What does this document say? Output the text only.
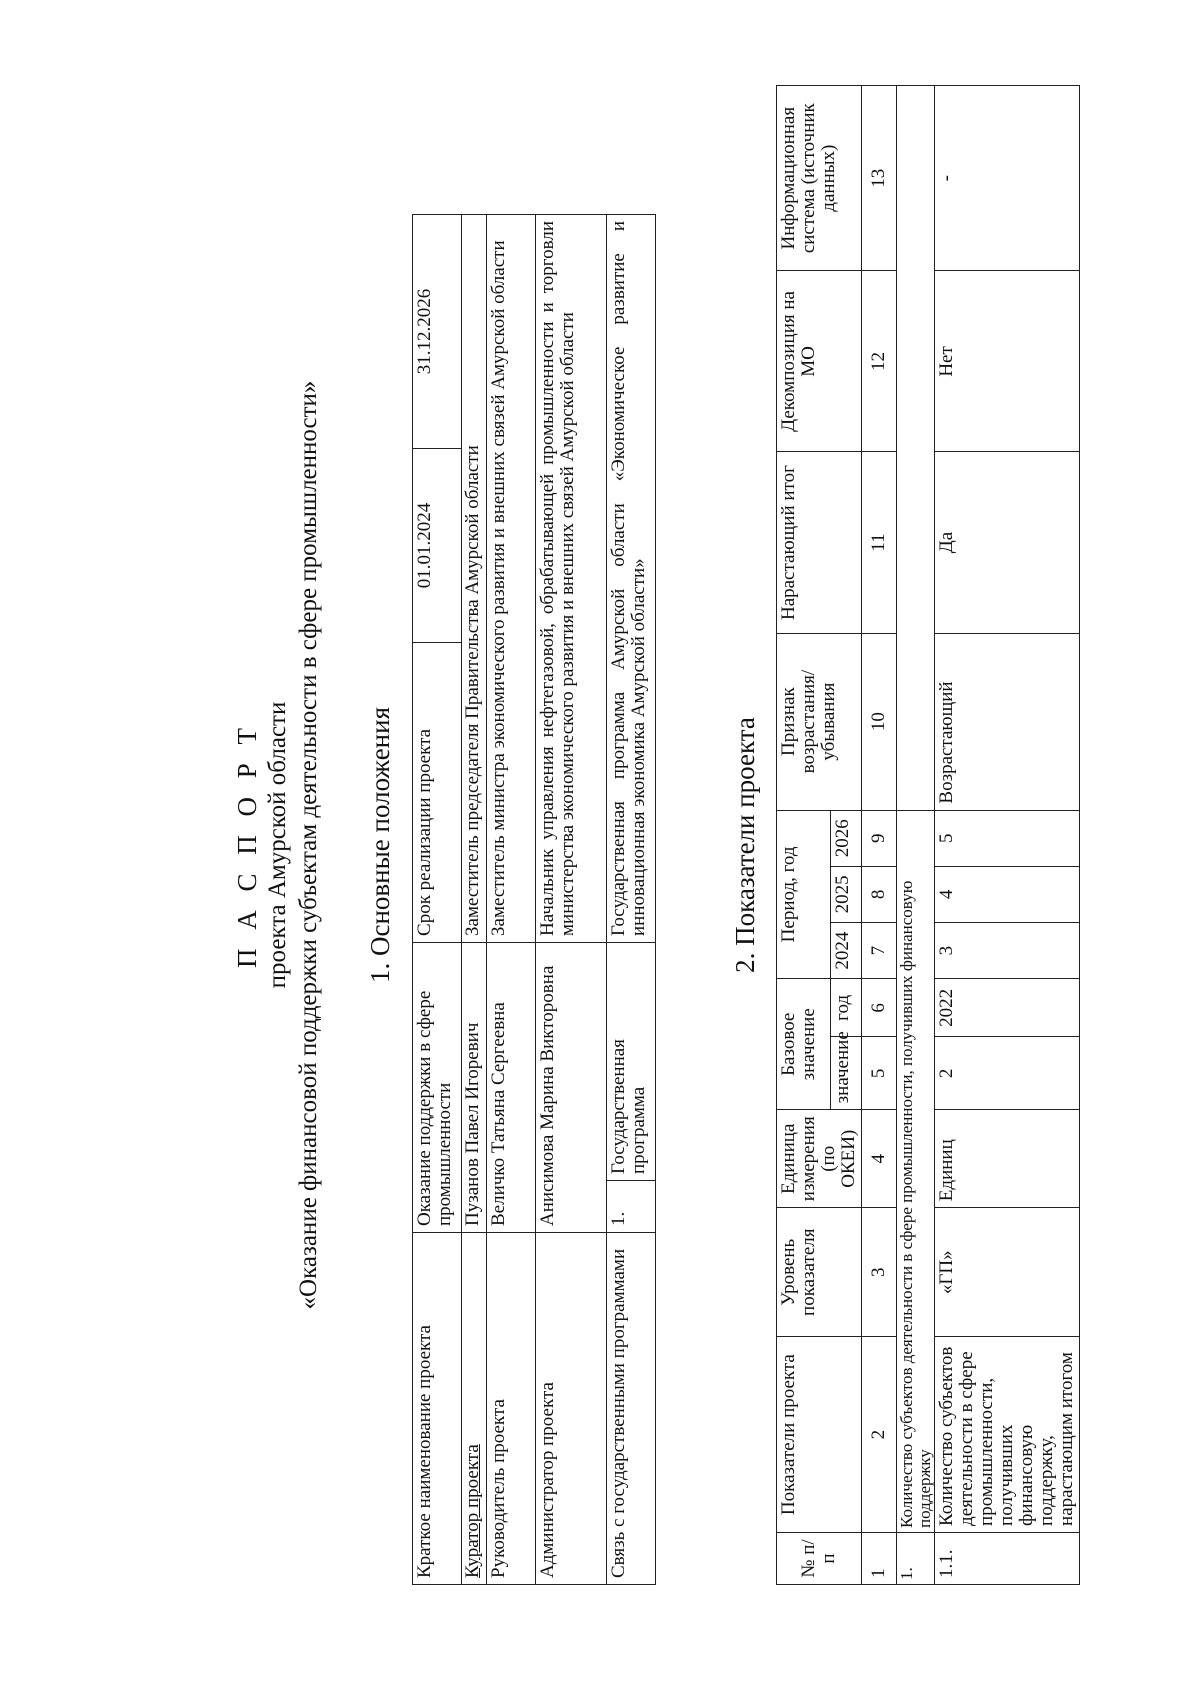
П А С П О Р Т проекта Амурской области «Оказание финансовой поддержки субъектам деятельности в сфере промышленности» 1. Основные положения

Краткое наименование проекта	Оказание поддержки в сфере промышленности		Срок реализации проекта	01.01.2024	31.12.2026
Куратор проекта	Пузанов Павел Игоревич		Заместитель председателя Правительства Амурской области		
Руководитель проекта	Величко Татьяна Сергеевна		Заместитель министра экономического развития и внешних связей Амурской области		
Администратор проекта	Анисимова Марина Викторовна		Начальник управления нефтегазовой, обрабатывающей промышленности и торговли министерства экономического развития и внешних связей Амурской области		
Связь с государственными программами	1.	Государственная программа	Государственная программа Амурской области «Экономическое развитие и инновационная экономика Амурской области»			2. Показатели проекта

№ п/п	Показатели проекта	Уровень показателя	Единица измерения (по ОКЕИ)	Базовое значение		Период, год			Признак возрастания/ убывания	Нарастающий итог	Декомпозиция на МО	Информационная система (источник данных)
				значение	год	2024	2025	2026				
1	2	3	4	5	6	7	8	9	10	11	12	13
1.	Количество субъектов деятельности в сфере промышленности, получивших финансовую поддержку											
1.1.	Количество субъектов деятельности в сфере промышленности, получивших финансовую поддержку, нарастающим итогом	«ГП»	Единиц	2	2022	3	4	5	Возрастающий	Да	Нет	-
